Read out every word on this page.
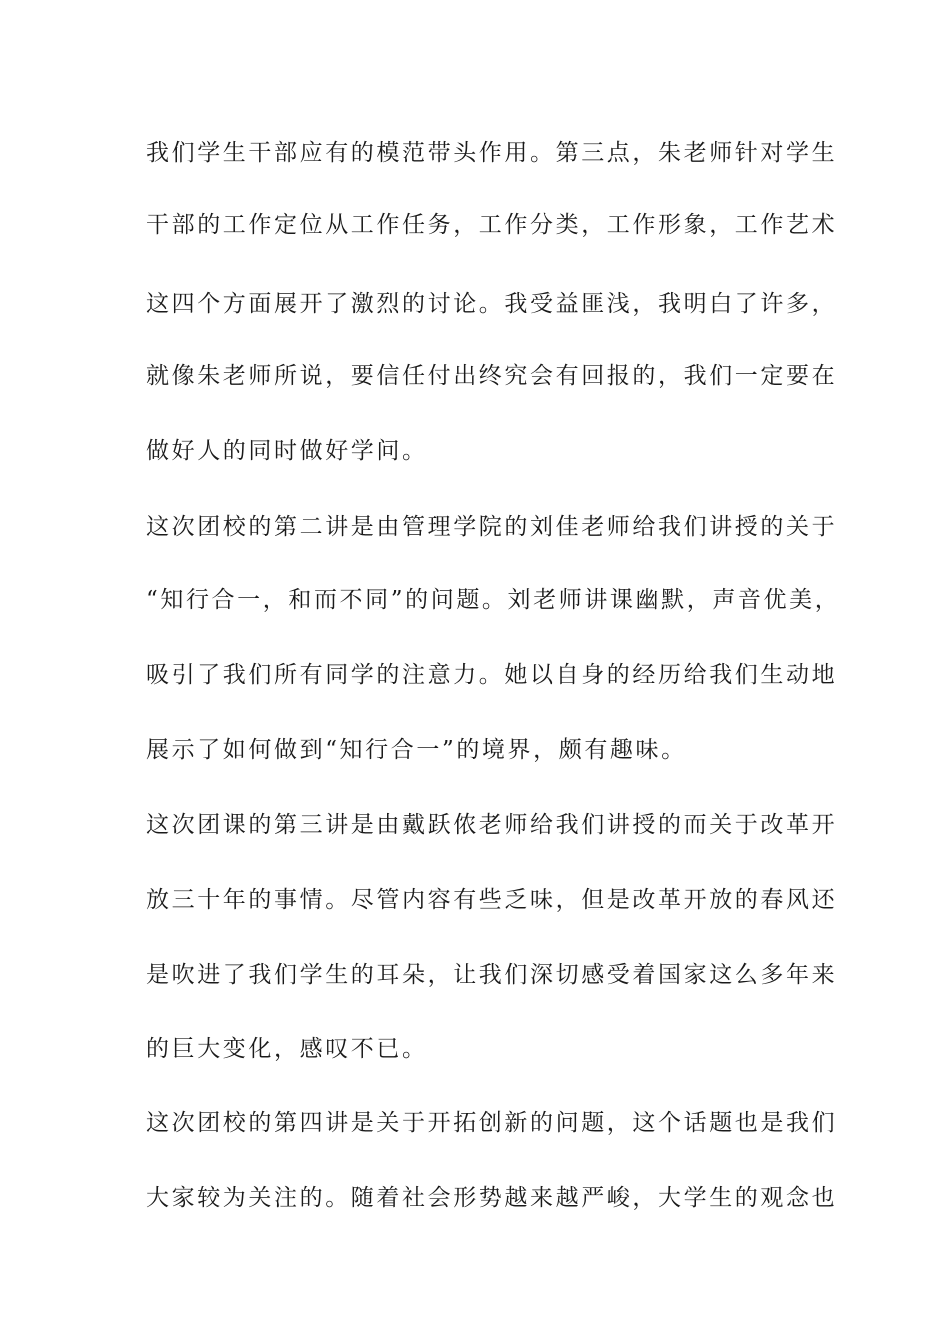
我们学生干部应有的模范带头作用。第三点，朱老师针对学生
干部的工作定位从工作任务，工作分类，工作形象，工作艺术
这四个方面展开了激烈的讨论。我受益匪浅，我明白了许多，
就像朱老师所说，要信任付出终究会有回报的，我们一定要在
做好人的同时做好学问。
这次团校的第二讲是由管理学院的刘佳老师给我们讲授的关于
“知行合一，和而不同”的问题。刘老师讲课幽默，声音优美，
吸引了我们所有同学的注意力。她以自身的经历给我们生动地
展示了如何做到“知行合一”的境界，颇有趣味。
这次团课的第三讲是由戴跃侬老师给我们讲授的而关于改革开
放三十年的事情。尽管内容有些乏味，但是改革开放的春风还
是吹进了我们学生的耳朵，让我们深切感受着国家这么多年来
的巨大变化，感叹不已。
这次团校的第四讲是关于开拓创新的问题，这个话题也是我们
大家较为关注的。随着社会形势越来越严峻，大学生的观念也
